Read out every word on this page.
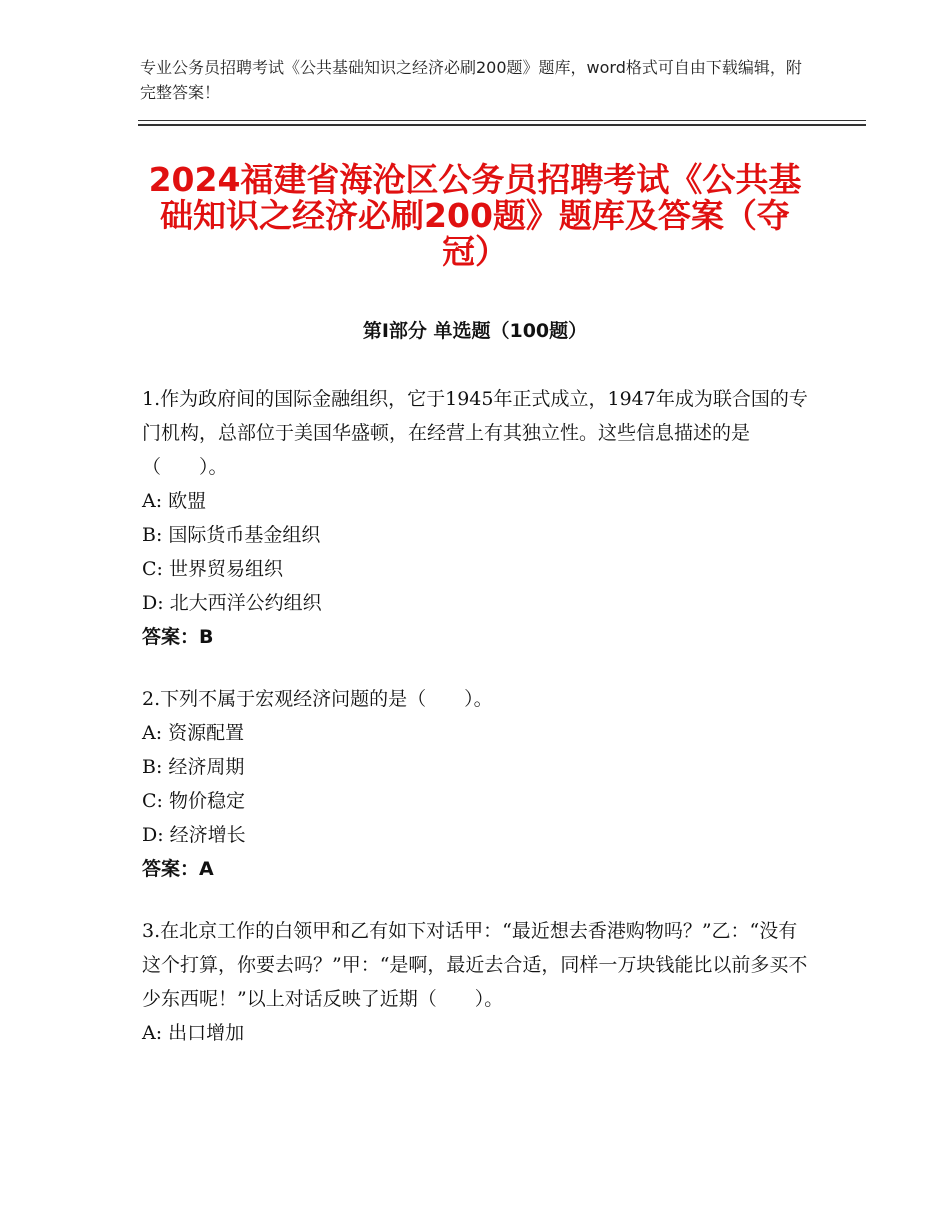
专业公务员招聘考试《公共基础知识之经济必刷200题》题库，word格式可自由下载编辑，附完整答案！
2024福建省海沧区公务员招聘考试《公共基础知识之经济必刷200题》题库及答案（夺冠）
第Ⅰ部分 单选题（100题）
1.作为政府间的国际金融组织，它于1945年正式成立，1947年成为联合国的专门机构，总部位于美国华盛顿，在经营上有其独立性。这些信息描述的是（　　）。
A: 欧盟
B: 国际货币基金组织
C: 世界贸易组织
D: 北大西洋公约组织
答案：B
2.下列不属于宏观经济问题的是（　　）。
A: 资源配置
B: 经济周期
C: 物价稳定
D: 经济增长
答案：A
3.在北京工作的白领甲和乙有如下对话甲：“最近想去香港购物吗？”乙：“没有这个打算，你要去吗？”甲：“是啊，最近去合适，同样一万块钱能比以前多买不少东西呢！”以上对话反映了近期（　　）。
A: 出口增加
